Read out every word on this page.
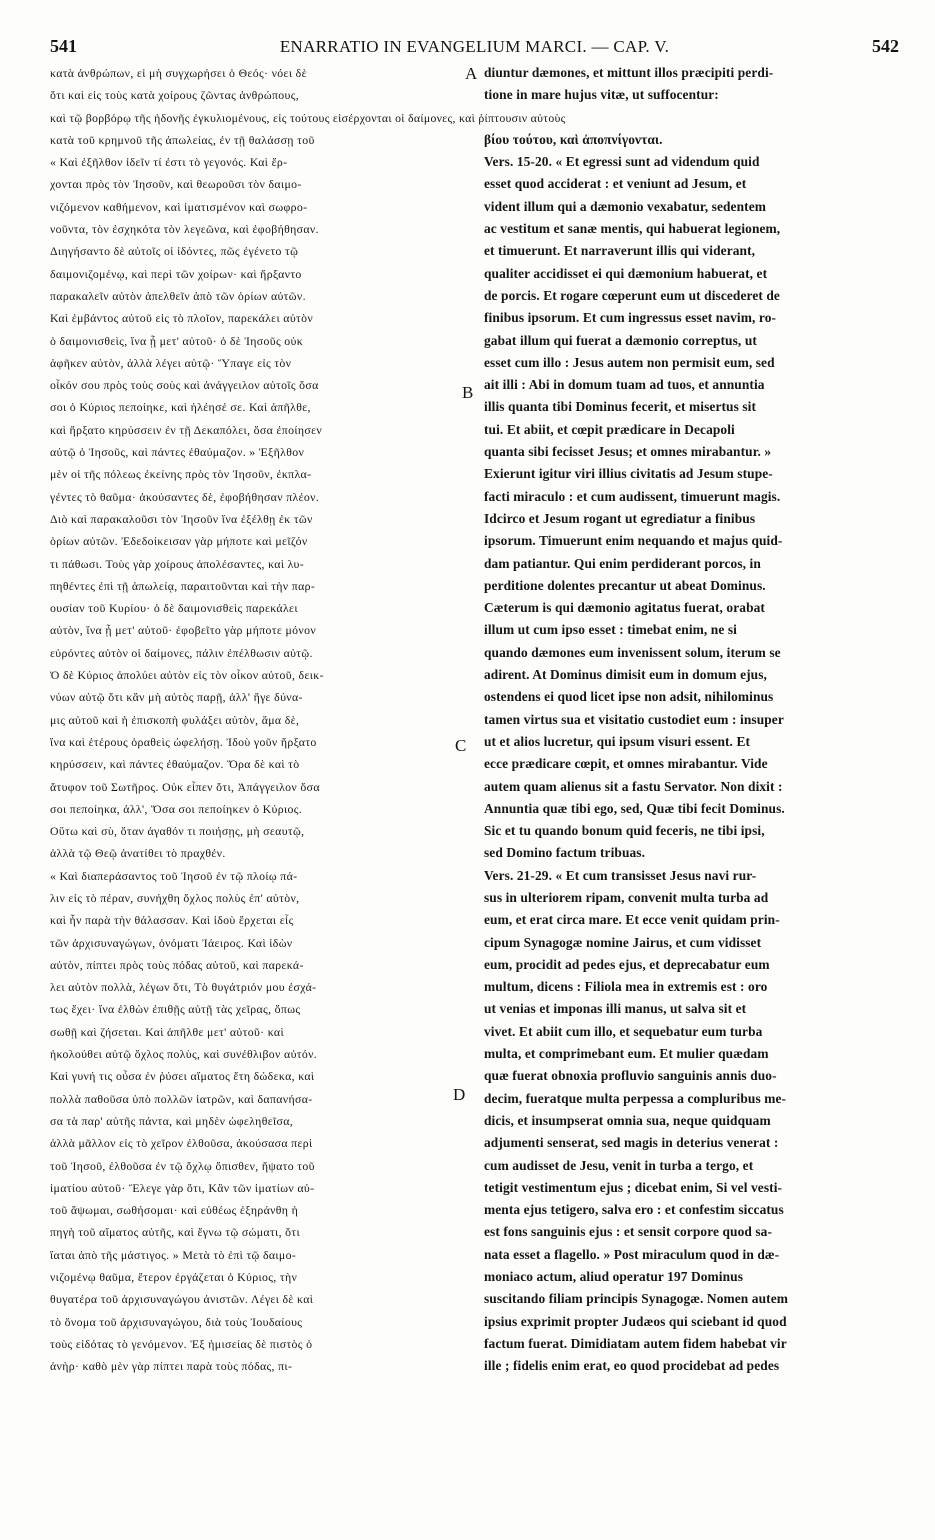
541	ENARRATIO IN EVANGELIUM MARCI. — CAP. V.	542
κατὰ ἀνθρώπων, εἰ μὴ συγχωρήσει ὁ Θεός· νόει δὲ
ὅτι καὶ εἰς τοὺς κατὰ χοίρους ζῶντας ἀνθρώπους,
diuntur dæmones, et mittunt illos præcipiti perdi-
tione in mare hujus vitæ, ut suffocentur:
καὶ τῷ βορβόρῳ τῆς ἡδονῆς ἐγκυλιομένους, εἰς τούτους εἰσέρχονται οἱ δαίμονες, καὶ ῥίπτουσιν αὐτοὺς
κατὰ τοῦ κρημνοῦ τῆς ἀπωλείας, ἐν τῇ θαλάσσῃ τοῦ
« Καὶ ἐξῆλθον ἰδεῖν τί ἐστι τὸ γεγονός. Καὶ ἔρ-
χονται πρὸς τὸν Ἰησοῦν, καὶ θεωροῦσι τὸν δαιμο-
νιζόμενον καθήμενον, καὶ ἱματισμένον καὶ σωφρο-
νοῦντα, τὸν ἐσχηκότα τὸν λεγεῶνα, καὶ ἐφοβήθησαν.
Διηγήσαντο δὲ αὐτοῖς οἱ ἰδόντες, πῶς ἐγένετο τῷ
δαιμονιζομένῳ, καὶ περὶ τῶν χοίρων· καὶ ἤρξαντο
παρακαλεῖν αὐτὸν ἀπελθεῖν ἀπὸ τῶν ὁρίων αὐτῶν.
Καὶ ἐμβάντος αὐτοῦ εἰς τὸ πλοῖον, παρεκάλει αὐτὸν
ὁ δαιμονισθεὶς, ἵνα ᾖ μετ' αὐτοῦ· ὁ δὲ Ἰησοῦς οὐκ
ἀφῆκεν αὐτὸν, ἀλλὰ λέγει αὐτῷ· Ὕπαγε εἰς τὸν
οἶκόν σου πρὸς τοὺς σοὺς καὶ ἀνάγγειλον αὐτοῖς ὅσα
σοι ὁ Κύριος πεποίηκε, καὶ ἠλέησέ σε. Καὶ ἀπῆλθε,
καὶ ἤρξατο κηρύσσειν ἐν τῇ Δεκαπόλει, ὅσα ἐποίησεν
αὐτῷ ὁ Ἰησοῦς, καὶ πάντες ἐθαύμαζον. » Ἐξῆλθον
μὲν οἱ τῆς πόλεως ἐκείνης πρὸς τὸν Ἰησοῦν, ἐκπλα-
γέντες τὸ θαῦμα· ἀκούσαντες δὲ, ἐφοβήθησαν πλέον.
Διὸ καὶ παρακαλοῦσι τὸν Ἰησοῦν ἵνα ἐξέλθῃ ἐκ τῶν
ὁρίων αὐτῶν. Ἐδεδοίκεισαν γὰρ μήποτε καὶ μεῖζόν
τι πάθωσι. Τοὺς γὰρ χοίρους ἀπολέσαντες, καὶ λυ-
πηθέντες ἐπὶ τῇ ἀπωλείᾳ, παραιτοῦνται καὶ τὴν παρ-
ουσίαν τοῦ Κυρίου· ὁ δὲ δαιμονισθεὶς παρεκάλει
αὐτὸν, ἵνα ᾖ μετ' αὐτοῦ· ἐφοβεῖτο γὰρ μήποτε μόνον
εὑρόντες αὐτὸν οἱ δαίμονες, πάλιν ἐπέλθωσιν αὐτῷ.
Ὁ δὲ Κύριος ἀπολύει αὐτὸν εἰς τὸν οἶκον αὐτοῦ, δεικ-
νύων αὐτῷ ὅτι κἂν μὴ αὐτὸς παρῇ, ἀλλ' ἥγε δύνα-
μις αὐτοῦ καὶ ἡ ἐπισκοπὴ φυλάξει αὐτὸν, ἅμα δὲ,
ἵνα καὶ ἑτέρους ὁραθεὶς ὠφελήσῃ. Ἰδοὺ γοῦν ἤρξατο
κηρύσσειν, καὶ πάντες ἐθαύμαζον. Ὅρα δὲ καὶ τὸ
ἄτυφον τοῦ Σωτῆρος. Οὐκ εἶπεν ὅτι, Ἀπάγγειλον ὅσα
σοι πεποίηκα, ἀλλ', Ὅσα σοι πεποίηκεν ὁ Κύριος.
Οὕτω καὶ σὺ, ὅταν ἀγαθόν τι ποιήσῃς, μὴ σεαυτῷ,
ἀλλὰ τῷ Θεῷ ἀνατίθει τὸ πραχθέν.
« Καὶ διαπεράσαντος τοῦ Ἰησοῦ ἐν τῷ πλοίῳ πά-
λιν εἰς τὸ πέραν, συνήχθη ὄχλος πολὺς ἐπ' αὐτὸν,
καὶ ἦν παρὰ τὴν θάλασσαν. Καὶ ἰδοὺ ἔρχεται εἷς
τῶν ἀρχισυναγώγων, ὀνόματι Ἰάειρος. Καὶ ἰδὼν
αὐτὸν, πίπτει πρὸς τοὺς πόδας αὐτοῦ, καὶ παρεκά-
λει αὐτὸν πολλὰ, λέγων ὅτι, Τὸ θυγάτριόν μου ἐσχά-
τως ἔχει· ἵνα ἐλθὼν ἐπιθῇς αὐτῇ τὰς χεῖρας, ὅπως
σωθῇ καὶ ζήσεται. Καὶ ἀπῆλθε μετ' αὐτοῦ· καὶ
ἠκολούθει αὐτῷ ὄχλος πολὺς, καὶ συνέθλιβον αὐτόν.
Καὶ γυνή τις οὖσα ἐν ῥύσει αἵματος ἔτη δώδεκα, καὶ
πολλὰ παθοῦσα ὑπὸ πολλῶν ἰατρῶν, καὶ δαπανήσα-
σα τὰ παρ' αὐτῆς πάντα, καὶ μηδὲν ὠφεληθεῖσα,
ἀλλὰ μᾶλλον εἰς τὸ χεῖρον ἐλθοῦσα, ἀκούσασα περὶ
τοῦ Ἰησοῦ, ἐλθοῦσα ἐν τῷ ὄχλῳ ὄπισθεν, ἥψατο τοῦ
ἱματίου αὐτοῦ· Ἔλεγε γὰρ ὅτι, Κἂν τῶν ἱματίων αὐ-
τοῦ ἅψωμαι, σωθήσομαι· καὶ εὐθέως ἐξηράνθη ἡ
πηγὴ τοῦ αἵματος αὐτῆς, καὶ ἔγνω τῷ σώματι, ὅτι
ἴαται ἀπὸ τῆς μάστιγος. » Μετὰ τὸ ἐπὶ τῷ δαιμο-
νιζομένῳ θαῦμα, ἕτερον ἐργάζεται ὁ Κύριος, τὴν
θυγατέρα τοῦ ἀρχισυναγώγου ἀνιστῶν. Λέγει δὲ καὶ
τὸ ὄνομα τοῦ ἀρχισυναγώγου, διὰ τοὺς Ἰουδαίους
τοὺς εἰδότας τὸ γενόμενον. Ἐξ ἡμισείας δὲ πιστὸς ὁ
ἀνὴρ· καθὸ μὲν γὰρ πίπτει παρὰ τοὺς πόδας, πι-
βίου τούτου, καὶ ἀποπνίγονται.
Vers. 15-20. « Et egressi sunt ad videndum quid
esset quod acciderat : et veniunt ad Jesum, et
vident illum qui a dæmonio vexabatur, sedentem
ac vestitum et sanæ mentis, qui habuerat legionem,
et timuerunt. Et narraverunt illis qui viderant,
qualiter accidisset ei qui dæmonium habuerat, et
de porcis. Et rogare cœperunt eum ut discederet de
finibus ipsorum. Et cum ingressus esset navim, ro-
gabat illum qui fuerat a dæmonio correptus, ut
esset cum illo : Jesus autem non permisit eum, sed
ait illi : Abi in domum tuam ad tuos, et annuntia
illis quanta tibi Dominus fecerit, et misertus sit
tui. Et abiit, et cœpit prædicare in Decapoli
quanta sibi fecisset Jesus; et omnes mirabantur. »
Exierunt igitur viri illius civitatis ad Jesum stupe-
facti miraculo : et cum audissent, timuerunt magis.
Idcirco et Jesum rogant ut egrediatur a finibus
ipsorum. Timuerunt enim nequando et majus quid-
dam patiantur. Qui enim perdiderant porcos, in
perditione dolentes precantur ut abeat Dominus.
Cæterum is qui dæmonio agitatus fuerat, orabat
illum ut cum ipso esset : timebat enim, ne si
quando dæmones eum invenissent solum, iterum se
adirent. At Dominus dimisit eum in domum ejus,
ostendens ei quod licet ipse non adsit, nihilominus
tamen virtus sua et visitatio custodiet eum : insuper
ut et alios lucretur, qui ipsum visuri essent. Et
ecce prædicare cœpit, et omnes mirabantur. Vide
autem quam alienus sit a fastu Servator. Non dixit :
Annuntia quæ tibi ego, sed, Quæ tibi fecit Dominus.
Sic et tu quando bonum quid feceris, ne tibi ipsi,
sed Domino factum tribuas.
Vers. 21-29. « Et cum transisset Jesus navi rur-
sus in ulteriorem ripam, convenit multa turba ad
eum, et erat circa mare. Et ecce venit quidam prin-
cipum Synagogæ nomine Jairus, et cum vidisset
eum, procidit ad pedes ejus, et deprecabatur eum
multum, dicens : Filiola mea in extremis est : oro
ut venias et imponas illi manus, ut salva sit et
vivet. Et abiit cum illo, et sequebatur eum turba
multa, et comprimebant eum. Et mulier quædam
quæ fuerat obnoxia profluvio sanguinis annis duo-
decim, fueratque multa perpessa a compluribus me-
dicis, et insumpserat omnia sua, neque quidquam
adjumenti senserat, sed magis in deterius venerat :
cum audisset de Jesu, venit in turba a tergo, et
tetigit vestimentum ejus ; dicebat enim, Si vel vesti-
menta ejus tetigero, salva ero : et confestim siccatus
est fons sanguinis ejus : et sensit corpore quod sa-
nata esset a flagello. » Post miraculum quod in dæ-
moniaco actum, aliud operatur 197 Dominus
suscitando filiam principis Synagogæ. Nomen autem
ipsius exprimit propter Judæos qui sciebant id quod
factum fuerat. Dimidiatam autem fidem habebat vir
ille ; fidelis enim erat, eo quod procidebat ad pedes
A
B
C
D
